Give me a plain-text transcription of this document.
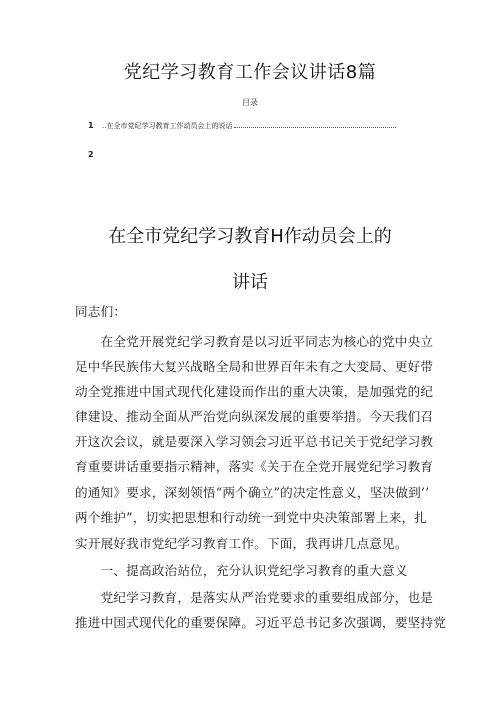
党纪学习教育工作会议讲话8篇
目录
1	..在全市党纪学习教育工作动员会上的说话
2
在全市党纪学习教育H作动员会上的
讲话
同志们：
　　在全党开展党纪学习教育是以习近平同志为核心的党中央立
足中华民族伟大复兴战略全局和世界百年未有之大变局、更好带
动全党推进中国式现代化建设而作出的重大决策，是加强党的纪
律建设、推动全面从严治党向纵深发展的重要举措。今天我们召
开这次会议，就是要深入学习领会习近平总书记关于党纪学习教
育重要讲话重要指示精神，落实《关于在全党开展党纪学习教育
的通知》要求，深刻领悟“两个确立”的决定性意义，坚决做到’’
两个维护”，切实把思想和行动统一到党中央决策部署上来，扎
实开展好我市党纪学习教育工作。下面，我再讲几点意见。
　　一、提高政治站位，充分认识党纪学习教育的重大意义
　　党纪学习教育，是落实从严治党要求的重要组成部分，也是
推进中国式现代化的重要保障。习近平总书记多次强调，要坚持党
